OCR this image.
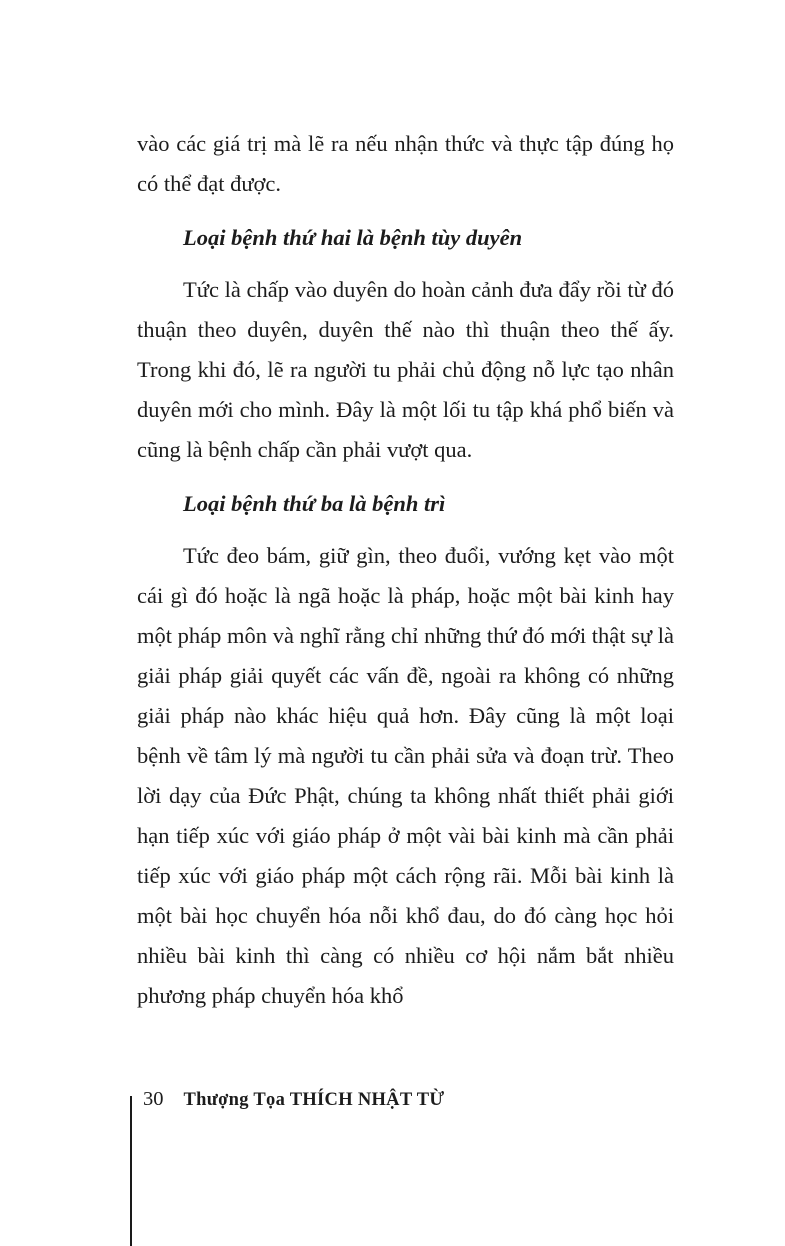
vào các giá trị mà lẽ ra nếu nhận thức và thực tập đúng họ có thể đạt được.

Loại bệnh thứ hai là bệnh tùy duyên

Tức là chấp vào duyên do hoàn cảnh đưa đẩy rồi từ đó thuận theo duyên, duyên thế nào thì thuận theo thế ấy. Trong khi đó, lẽ ra người tu phải chủ động nỗ lực tạo nhân duyên mới cho mình. Đây là một lối tu tập khá phổ biến và cũng là bệnh chấp cần phải vượt qua.

Loại bệnh thứ ba là bệnh trì

Tức đeo bám, giữ gìn, theo đuổi, vướng kẹt vào một cái gì đó hoặc là ngã hoặc là pháp, hoặc một bài kinh hay một pháp môn và nghĩ rằng chỉ những thứ đó mới thật sự là giải pháp giải quyết các vấn đề, ngoài ra không có những giải pháp nào khác hiệu quả hơn. Đây cũng là một loại bệnh về tâm lý mà người tu cần phải sửa và đoạn trừ. Theo lời dạy của Đức Phật, chúng ta không nhất thiết phải giới hạn tiếp xúc với giáo pháp ở một vài bài kinh mà cần phải tiếp xúc với giáo pháp một cách rộng rãi. Mỗi bài kinh là một bài học chuyển hóa nỗi khổ đau, do đó càng học hỏi nhiều bài kinh thì càng có nhiều cơ hội nắm bắt nhiều phương pháp chuyển hóa khổ

30 Thượng Tọa THÍCH NHẬT TỪ
